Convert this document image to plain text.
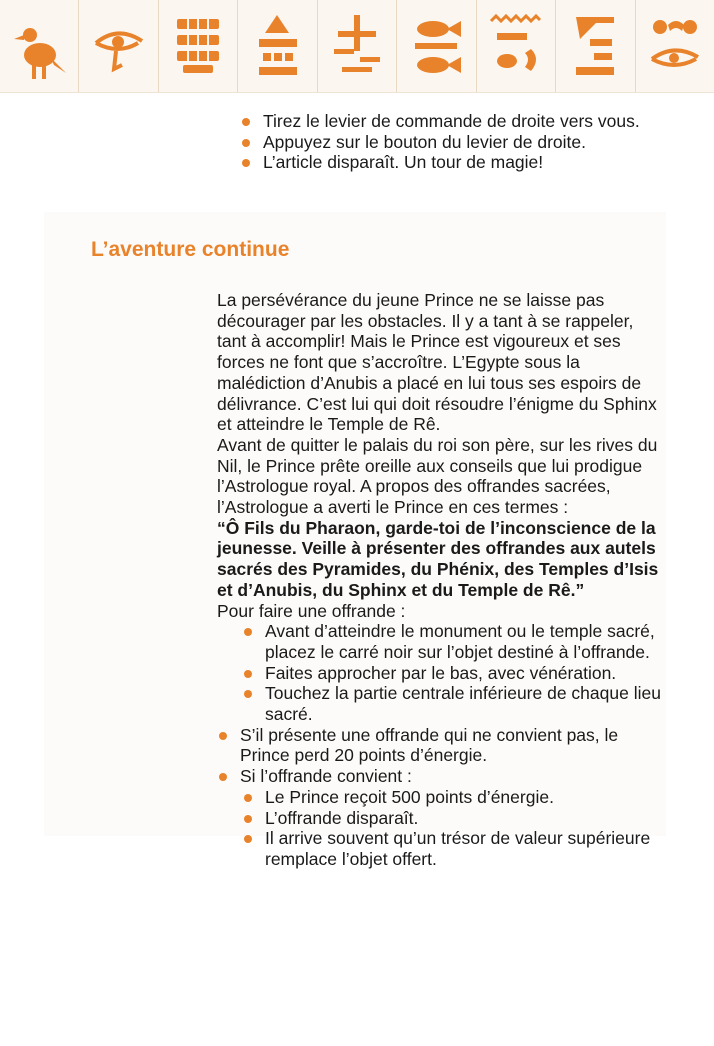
Tirez le levier de commande de droite vers vous.
Appuyez sur le bouton du levier de droite.
L’article disparaît. Un tour de magie!
L’aventure continue

La persévérance du jeune Prince ne se laisse pas décourager par les obstacles. Il y a tant à se rappeler, tant à accomplir! Mais le Prince est vigoureux et ses forces ne font que s’accroître. L’Egypte sous la malédiction d’Anubis a placé en lui tous ses espoirs de délivrance. C’est lui qui doit résoudre l’énigme du Sphinx et atteindre le Temple de Rê.

Avant de quitter le palais du roi son père, sur les rives du Nil, le Prince prête oreille aux conseils que lui prodigue l’Astrologue royal. A propos des offrandes sacrées, l’Astrologue a averti le Prince en ces termes :

“Ô Fils du Pharaon, garde-toi de l’inconscience de la jeunesse. Veille à présenter des offrandes aux autels sacrés des Pyramides, du Phénix, des Temples d’Isis et d’Anubis, du Sphinx et du Temple de Rê.”

Pour faire une offrande :

Avant d’atteindre le monument ou le temple sacré, placez le carré noir sur l’objet destiné à l’offrande.
Faites approcher par le bas, avec vénération.
Touchez la partie centrale inférieure de chaque lieu sacré.
S’il présente une offrande qui ne convient pas, le Prince perd 20 points d’énergie.
Si l’offrande convient :
Le Prince reçoit 500 points d’énergie.
L’offrande disparaît.
Il arrive souvent qu’un trésor de valeur supérieure remplace l’objet offert.
